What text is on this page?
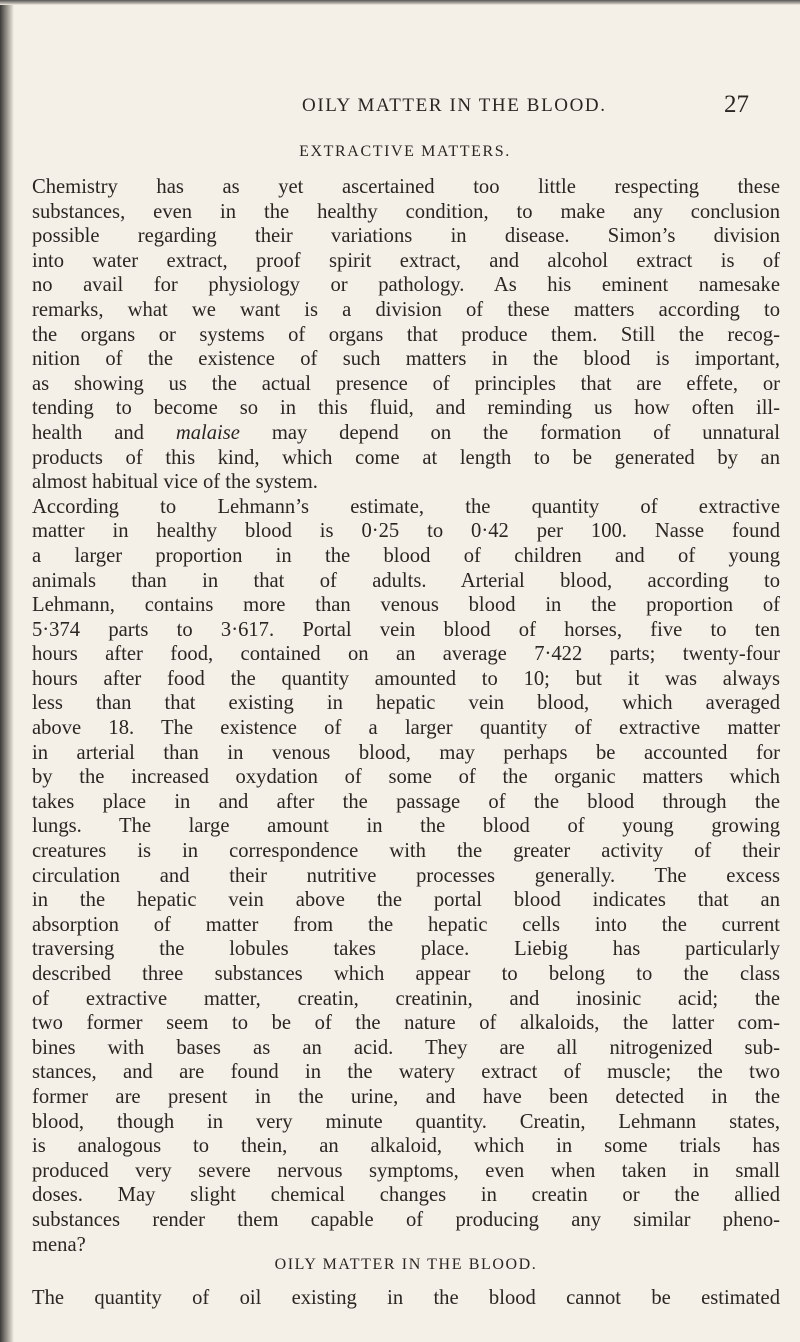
OILY MATTER IN THE BLOOD.	27
EXTRACTIVE MATTERS.
Chemistry has as yet ascertained too little respecting these
substances, even in the healthy condition, to make any conclusion
possible regarding their variations in disease. Simon’s division
into water extract, proof spirit extract, and alcohol extract is of
no avail for physiology or pathology. As his eminent namesake
remarks, what we want is a division of these matters according to
the organs or systems of organs that produce them. Still the recog-
nition of the existence of such matters in the blood is important,
as showing us the actual presence of principles that are effete, or
tending to become so in this fluid, and reminding us how often ill-
health and malaise may depend on the formation of unnatural
products of this kind, which come at length to be generated by an
almost habitual vice of the system.
According to Lehmann’s estimate, the quantity of extractive
matter in healthy blood is 0·25 to 0·42 per 100. Nasse found
a larger proportion in the blood of children and of young
animals than in that of adults. Arterial blood, according to
Lehmann, contains more than venous blood in the proportion of
5·374 parts to 3·617. Portal vein blood of horses, five to ten
hours after food, contained on an average 7·422 parts; twenty-four
hours after food the quantity amounted to 10; but it was always
less than that existing in hepatic vein blood, which averaged
above 18. The existence of a larger quantity of extractive matter
in arterial than in venous blood, may perhaps be accounted for
by the increased oxydation of some of the organic matters which
takes place in and after the passage of the blood through the
lungs. The large amount in the blood of young growing
creatures is in correspondence with the greater activity of their
circulation and their nutritive processes generally. The excess
in the hepatic vein above the portal blood indicates that an
absorption of matter from the hepatic cells into the current
traversing the lobules takes place. Liebig has particularly
described three substances which appear to belong to the class
of extractive matter, creatin, creatinin, and inosinic acid; the
two former seem to be of the nature of alkaloids, the latter com-
bines with bases as an acid. They are all nitrogenized sub-
stances, and are found in the watery extract of muscle; the two
former are present in the urine, and have been detected in the
blood, though in very minute quantity. Creatin, Lehmann states,
is analogous to thein, an alkaloid, which in some trials has
produced very severe nervous symptoms, even when taken in small
doses. May slight chemical changes in creatin or the allied
substances render them capable of producing any similar pheno-
mena?
OILY MATTER IN THE BLOOD.
The quantity of oil existing in the blood cannot be estimated
